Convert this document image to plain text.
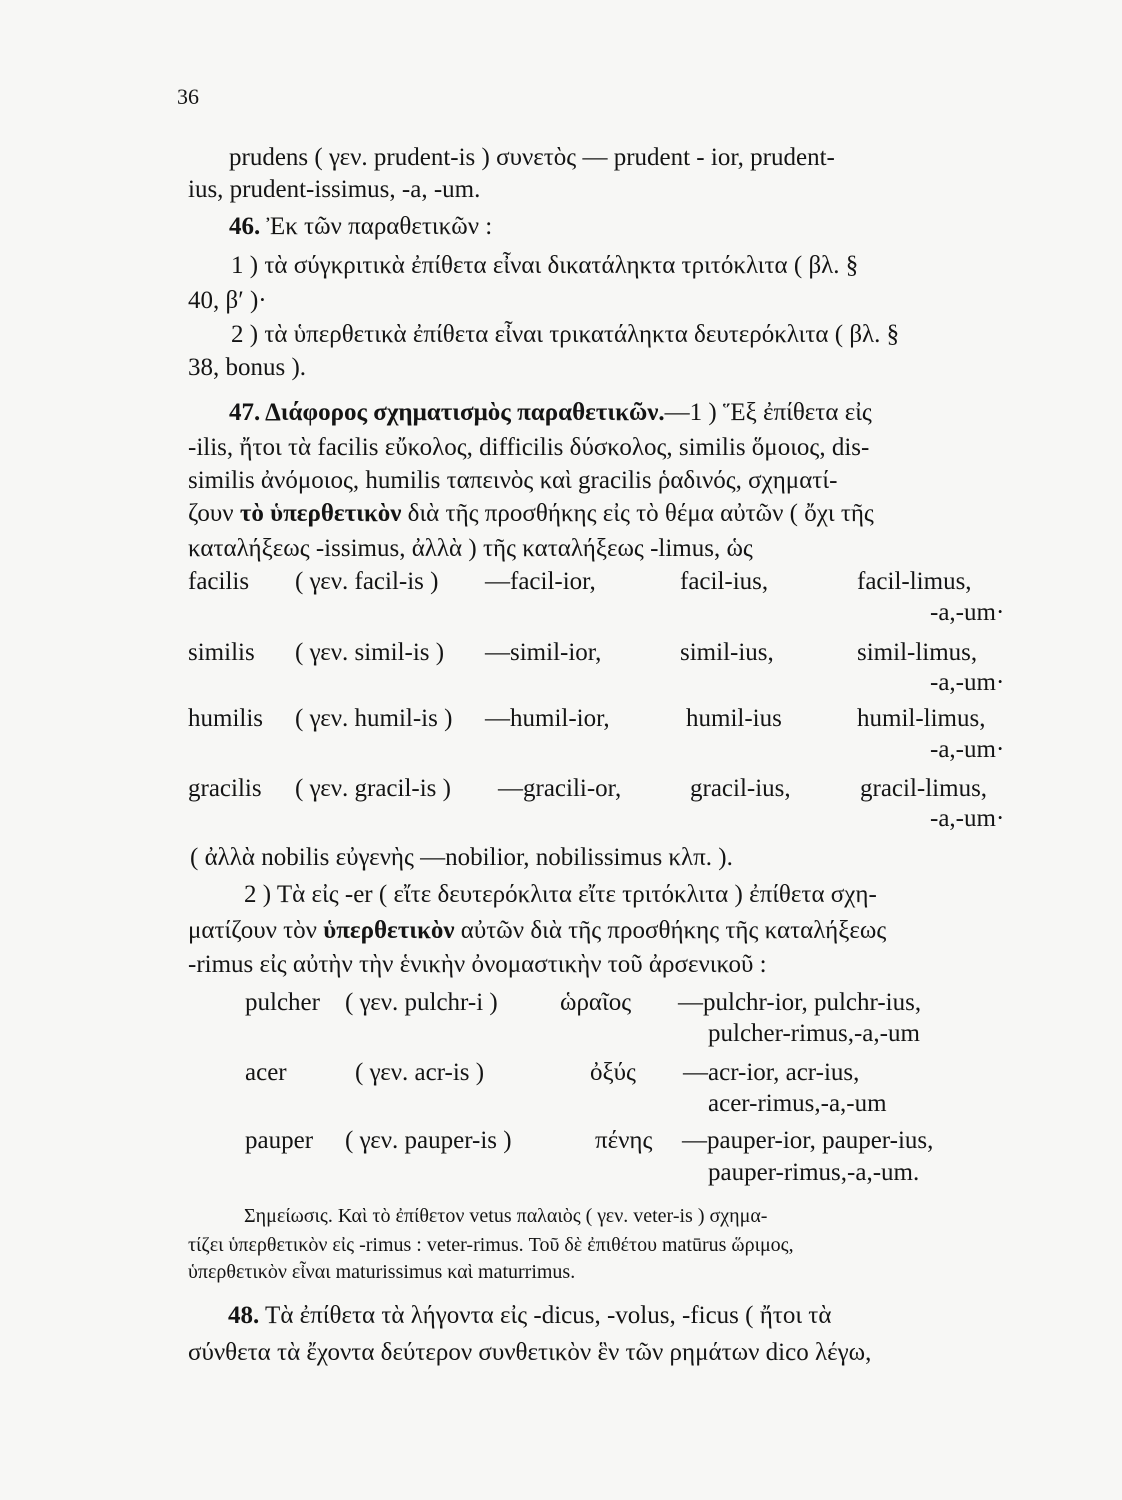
36
prudens ( γεν. prudent-is ) συνετὸς — prudent - ior, prudent-
ius, prudent-issimus, -a, -um.
46. Ἐκ τῶν παραθετικῶν :
1 ) τὰ σύγκριτικὰ ἐπίθετα εἶναι δικατάληκτα τριτόκλιτα ( βλ. §
40, β′ )·
2 ) τὰ ὑπερθετικὰ ἐπίθετα εἶναι τρικατάληκτα δευτερόκλιτα ( βλ. §
38, bonus ).
47. Διάφορος σχηματισμὸς παραθετικῶν.—1 ) Ἕξ ἐπίθετα εἰς
-ilis, ἤτοι τὰ facilis εὔκολος, difficilis δύσκολος, similis ὅμοιος, dis-
similis ἀνόμοιος, humilis ταπεινὸς καὶ gracilis ῥαδινός, σχηματί-
ζουν τὸ ὑπερθετικὸν διὰ τῆς προσθήκης εἰς τὸ θέμα αὐτῶν ( ὄχι τῆς
καταλήξεως -issimus, ἀλλὰ ) τῆς καταλήξεως -limus, ὡς
facilis ( γεν. facil-is ) —facil-ior,	facil-ius,	facil-limus,
-a,-um·
similis ( γεν. simil-is ) —simil-ior,	simil-ius,	simil-limus,
-a,-um·
humilis ( γεν. humil-is ) —humil-ior,	humil-ius	humil-limus,
-a,-um·
gracilis ( γεν. gracil-is ) —gracili-or,	gracil-ius,	gracil-limus,
-a,-um·
( ἀλλὰ nobilis εὐγενὴς —nobilior, nobilissimus κλπ. ).
2 ) Τὰ εἰς -er ( εἴτε δευτερόκλιτα εἴτε τριτόκλιτα ) ἐπίθετα σχη-
ματίζουν τὸν ὑπερθετικὸν αὐτῶν διὰ τῆς προσθήκης τῆς καταλήξεως
-rimus εἰς αὐτὴν τὴν ἑνικὴν ὀνομαστικὴν τοῦ ἀρσενικοῦ :
pulcher ( γεν. pulchr-i ) ὡραῖος —pulchr-ior, pulchr-ius,
pulcher-rimus,-a,-um
acer	( γεν. acr-is )	ὀξύς —acr-ior, acr-ius,
acer-rimus,-a,-um
pauper ( γεν. pauper-is )	πένης —pauper-ior, pauper-ius,
pauper-rimus,-a,-um.
Σημείωσις. Καὶ τὸ ἐπίθετον vetus παλαιὸς ( γεν. veter-is ) σχημα-
τίζει ὑπερθετικὸν εἰς -rimus : veter-rimus. Τοῦ δὲ ἐπιθέτου matūrus ὥριμος,
ὑπερθετικὸν εἶναι maturissimus καὶ maturrimus.
48. Τὰ ἐπίθετα τὰ λήγοντα εἰς -dicus, -volus, -ficus ( ἤτοι τὰ
σύνθετα τὰ ἔχοντα δεύτερον συνθετικὸν ἓν τῶν ρημάτων dico λέγω,
